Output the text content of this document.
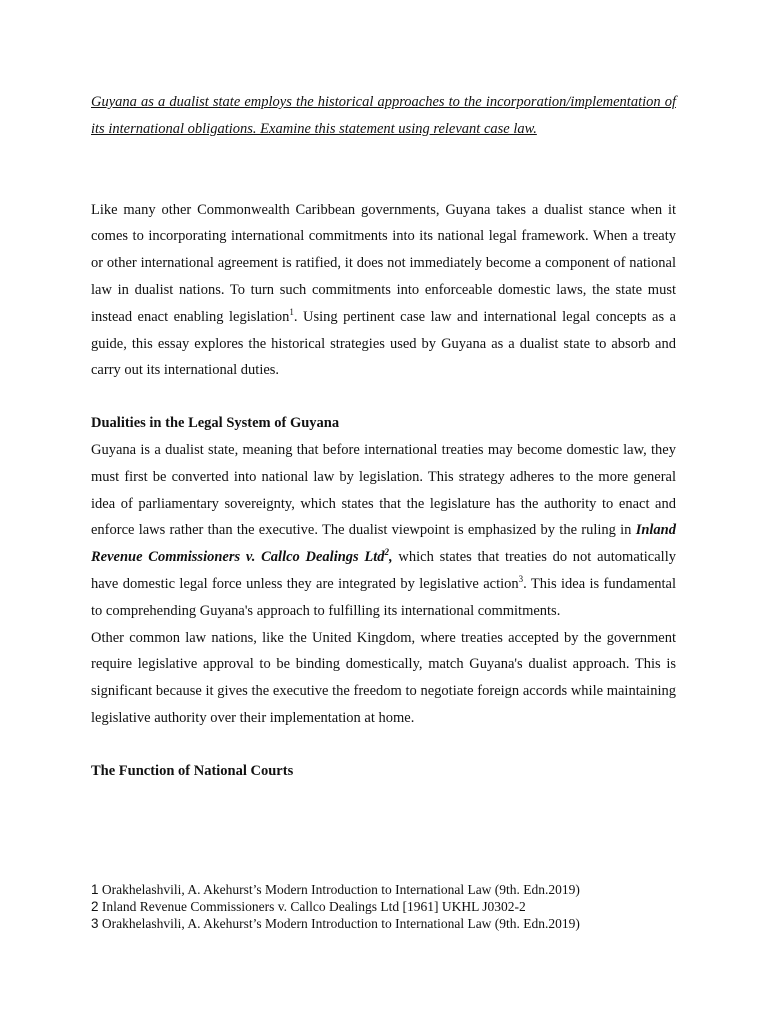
Guyana as a dualist state employs the historical approaches to the incorporation/implementation of its international obligations. Examine this statement using relevant case law.

Like many other Commonwealth Caribbean governments, Guyana takes a dualist stance when it comes to incorporating international commitments into its national legal framework. When a treaty or other international agreement is ratified, it does not immediately become a component of national law in dualist nations. To turn such commitments into enforceable domestic laws, the state must instead enact enabling legislation$^1$. Using pertinent case law and international legal concepts as a guide, this essay explores the historical strategies used by Guyana as a dualist state to absorb and carry out its international duties.

Dualities in the Legal System of Guyana

Guyana is a dualist state, meaning that before international treaties may become domestic law, they must first be converted into national law by legislation. This strategy adheres to the more general idea of parliamentary sovereignty, which states that the legislature has the authority to enact and enforce laws rather than the executive. The dualist viewpoint is emphasized by the ruling in Inland Revenue Commissioners v. Callco Dealings Ltd$^2$, which states that treaties do not automatically have domestic legal force unless they are integrated by legislative action$^3$. This idea is fundamental to comprehending Guyana's approach to fulfilling its international commitments.

Other common law nations, like the United Kingdom, where treaties accepted by the government require legislative approval to be binding domestically, match Guyana's dualist approach. This is significant because it gives the executive the freedom to negotiate foreign accords while maintaining legislative authority over their implementation at home.

The Function of National Courts

1 Orakhelashvili, A. Akehurst’s Modern Introduction to International Law (9th. Edn.2019)
2 Inland Revenue Commissioners v. Callco Dealings Ltd [1961] UKHL J0302-2
3 Orakhelashvili, A. Akehurst’s Modern Introduction to International Law (9th. Edn.2019)
